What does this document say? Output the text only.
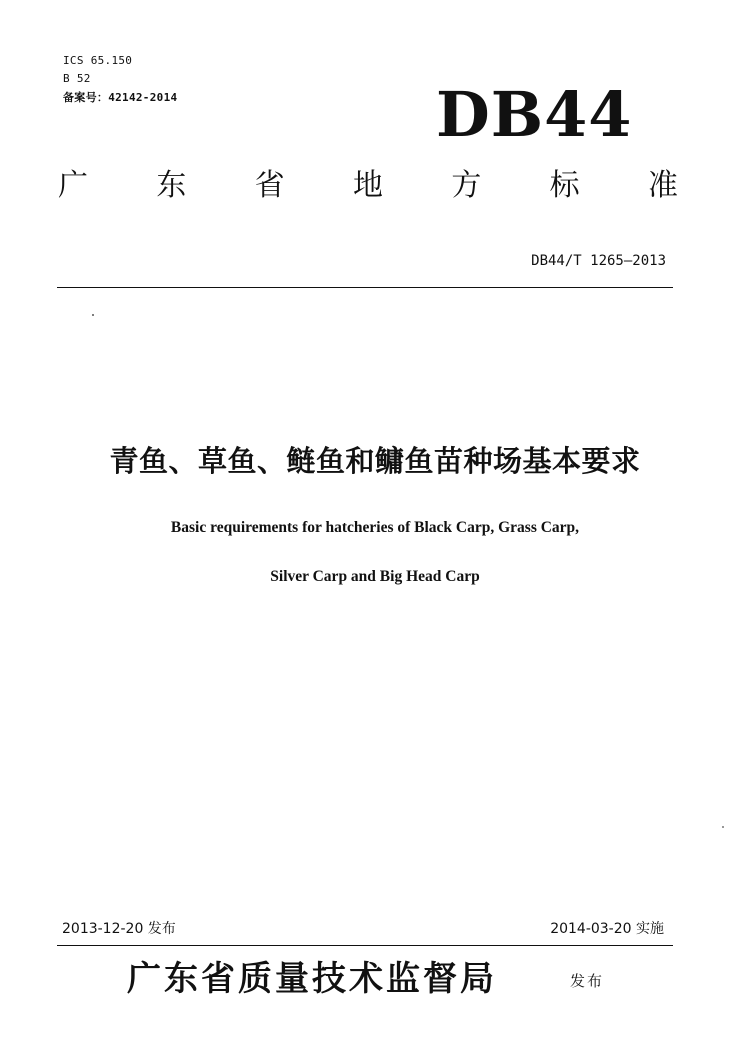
ICS 65.150
B 52
备案号：42142-2014	DB44
广 东 省 地 方 标 准
DB44/T 1265—2013
青鱼、草鱼、鲢鱼和鳙鱼苗种场基本要求
Basic requirements for hatcheries of Black Carp, Grass Carp,
Silver Carp and Big Head Carp
2013-12-20 发布	2014-03-20 实施
广东省质量技术监督局	发布
